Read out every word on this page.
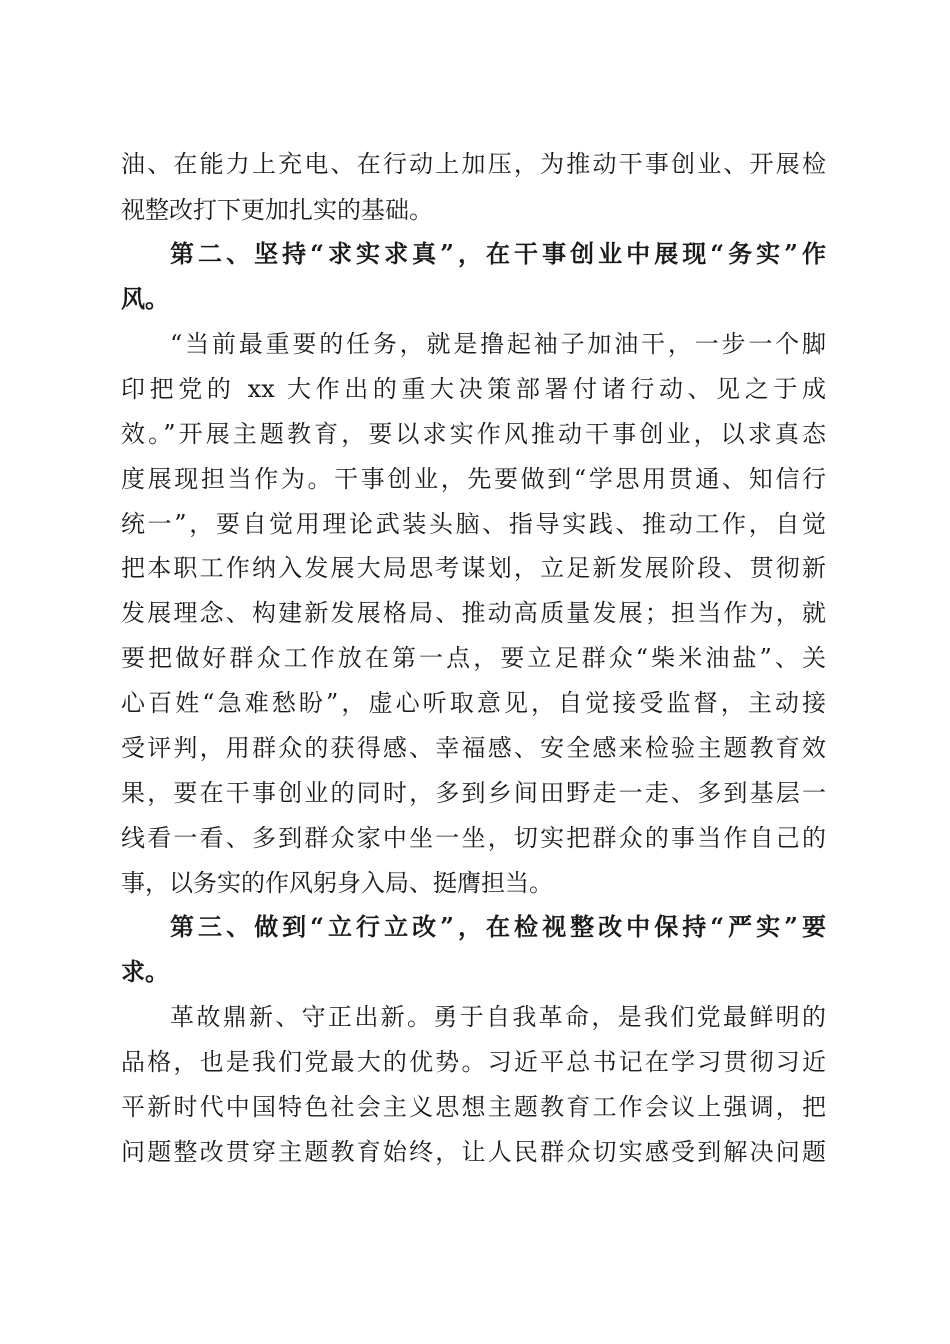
油、在能力上充电、在行动上加压，为推动干事创业、开展检
视整改打下更加扎实的基础。
第二、坚持“求实求真”，在干事创业中展现“务实”作
风。
“当前最重要的任务，就是撸起袖子加油干，一步一个脚
印把党的 xx 大作出的重大决策部署付诸行动、见之于成
效。”开展主题教育，要以求实作风推动干事创业，以求真态
度展现担当作为。干事创业，先要做到“学思用贯通、知信行
统一”，要自觉用理论武装头脑、指导实践、推动工作，自觉
把本职工作纳入发展大局思考谋划，立足新发展阶段、贯彻新
发展理念、构建新发展格局、推动高质量发展；担当作为，就
要把做好群众工作放在第一点，要立足群众“柴米油盐”、关
心百姓“急难愁盼”，虚心听取意见，自觉接受监督，主动接
受评判，用群众的获得感、幸福感、安全感来检验主题教育效
果，要在干事创业的同时，多到乡间田野走一走、多到基层一
线看一看、多到群众家中坐一坐，切实把群众的事当作自己的
事，以务实的作风躬身入局、挺膺担当。
第三、做到“立行立改”，在检视整改中保持“严实”要
求。
革故鼎新、守正出新。勇于自我革命，是我们党最鲜明的
品格，也是我们党最大的优势。习近平总书记在学习贯彻习近
平新时代中国特色社会主义思想主题教育工作会议上强调，把
问题整改贯穿主题教育始终，让人民群众切实感受到解决问题
